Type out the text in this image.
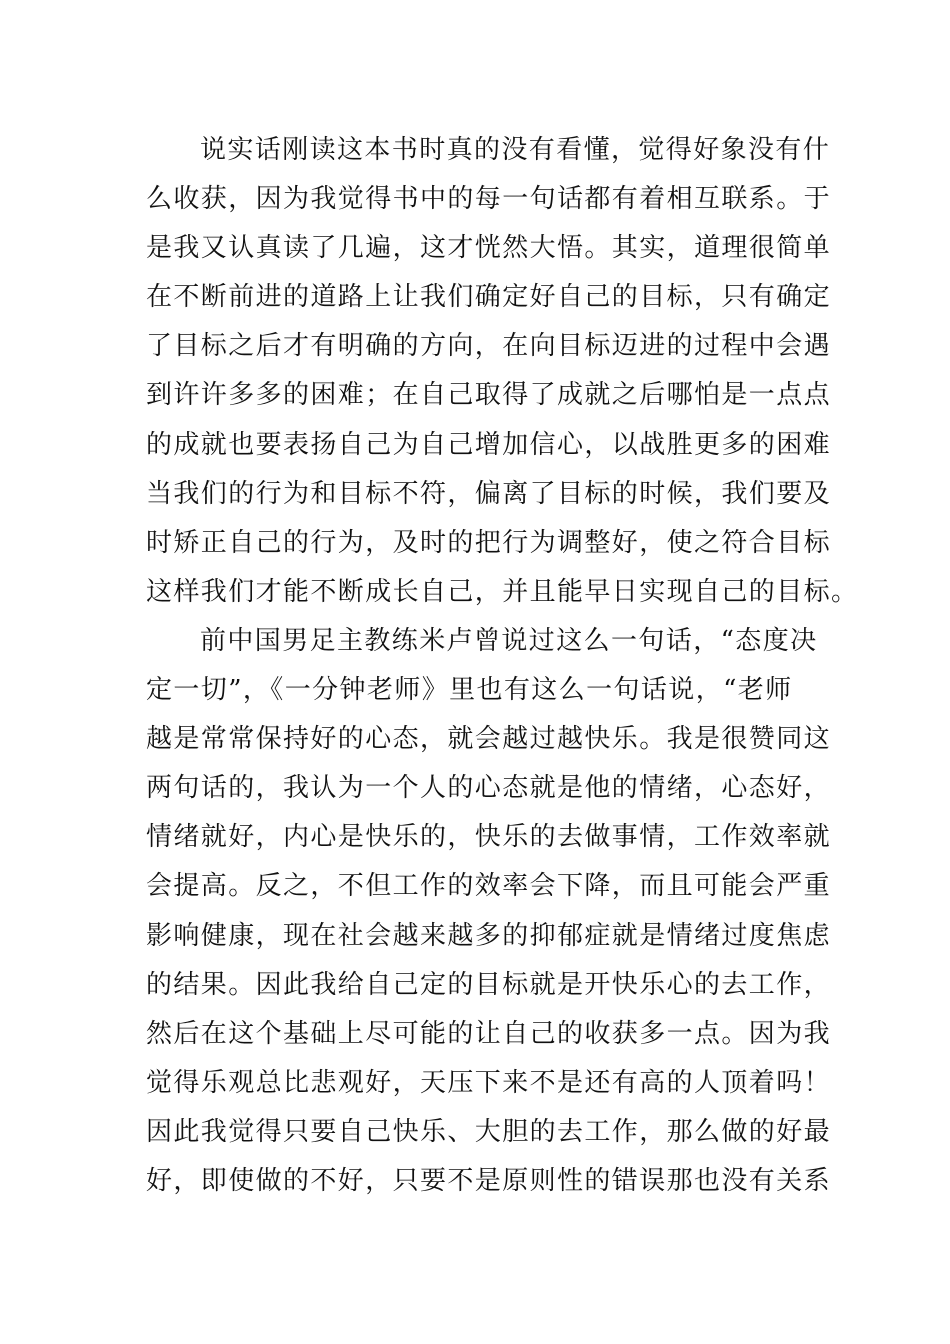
说实话刚读这本书时真的没有看懂，觉得好象没有什
么收获，因为我觉得书中的每一句话都有着相互联系。于
是我又认真读了几遍，这才恍然大悟。其实，道理很简单
在不断前进的道路上让我们确定好自己的目标，只有确定
了目标之后才有明确的方向，在向目标迈进的过程中会遇
到许许多多的困难；在自己取得了成就之后哪怕是一点点
的成就也要表扬自己为自己增加信心，以战胜更多的困难
当我们的行为和目标不符，偏离了目标的时候，我们要及
时矫正自己的行为，及时的把行为调整好，使之符合目标
这样我们才能不断成长自己，并且能早日实现自己的目标。
前中国男足主教练米卢曾说过这么一句话，“态度决
定一切”，《一分钟老师》里也有这么一句话说，“老师
越是常常保持好的心态，就会越过越快乐。我是很赞同这
两句话的，我认为一个人的心态就是他的情绪，心态好，
情绪就好，内心是快乐的，快乐的去做事情，工作效率就
会提高。反之，不但工作的效率会下降，而且可能会严重
影响健康，现在社会越来越多的抑郁症就是情绪过度焦虑
的结果。因此我给自己定的目标就是开快乐心的去工作，
然后在这个基础上尽可能的让自己的收获多一点。因为我
觉得乐观总比悲观好，天压下来不是还有高的人顶着吗！
因此我觉得只要自己快乐、大胆的去工作，那么做的好最
好，即使做的不好，只要不是原则性的错误那也没有关系
